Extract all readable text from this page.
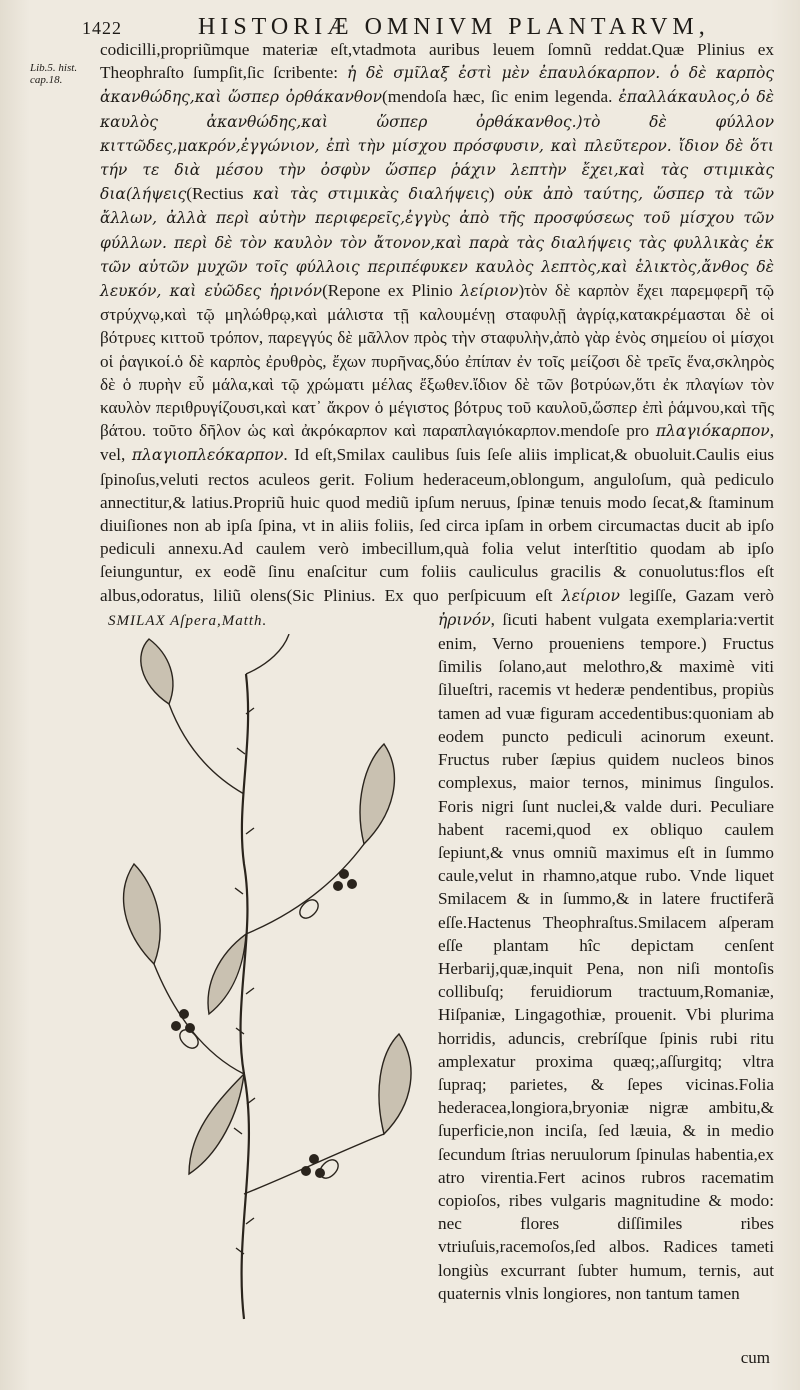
1422	HISTORIÆ OMNIVM PLANTARVM,
Lib.5. hist.
cap.18.

codicilli,propriũmque materiæ eſt,vtadmota auribus leuem ſomnũ reddat.Quæ Plinius ex Theophraſto ſumpſit,ſic ſcribente: ἡ δὲ σμῖλαξ ἐστὶ μὲν ἐπαυλόκαρπον. ὁ δὲ καρπὸς ἀκανθώδης,καὶ ὥσπερ ὀρθάκανθον(mendoſa hæc, ſic enim legenda. ἐπαλλάκαυλος,ὁ δὲ καυλὸς ἀκανθώδης,καὶ ὥσπερ ὀρθάκανθος.)τὸ δὲ φύλλον κιττῶδες,μακρόν,ἐγγώνιον, ἐπὶ τὴν μίσχου πρόσφυσιν, καὶ πλεῦτερον. ἴδιον δὲ ὅτι τήν τε διὰ μέσου τὴν ὀσφὺν ὥσπερ ῥάχιν λεπτὴν ἔχει,καὶ τὰς στιμικὰς δια(λήψεις(Rectius καὶ τὰς στιμικὰς διαλήψεις) οὐκ ἀπὸ ταύτης, ὥσπερ τὰ τῶν ἄλλων, ἀλλὰ περὶ αὐτὴν περιφερεῖς,ἐγγὺς ἀπὸ τῆς προσφύσεως τοῦ μίσχου τῶν φύλλων. περὶ δὲ τὸν καυλὸν τὸν ἄτονον,καὶ παρὰ τὰς διαλήψεις τὰς φυλλικὰς ἐκ τῶν αὐτῶν μυχῶν τοῖς φύλλοις περιπέφυκεν καυλὸς λεπτὸς,καὶ ἑλικτὸς,ἄνθος δὲ λευκόν, καὶ εὐῶδες ἠρινόν(Repone ex Plinio λείριον)τὸν δὲ καρπὸν ἔχει παρεμφερῆ τῷ στρύχνῳ,καὶ τῷ μηλώθρῳ,καὶ μάλιστα τῇ καλουμένῃ σταφυλῇ ἀγρίᾳ,κατακρέμασται δὲ οἱ βότρυες κιττοῦ τρόπον, παρεγγύς δὲ μᾶλλον πρὸς τὴν σταφυλὴν,ἀπὸ γὰρ ἑνὸς σημείου οἱ μίσχοι οἱ ῥαγικοί.ὁ δὲ καρπὸς ἐρυθρὸς, ἔχων πυρῆνας,δύο ἐπίπαν ἐν τοῖς μείζοσι δὲ τρεῖς ἕνα,σκληρὸς δὲ ὁ πυρὴν εὖ μάλα,καὶ τῷ χρώματι μέλας ἔξωθεν.ἴδιον δὲ τῶν βοτρύων,ὅτι ἐκ πλαγίων τὸν καυλὸν περιθρυγίζουσι,καὶ κατ᾽ ἄκρον ὁ μέγιστος βότρυς τοῦ καυλοῦ,ὥσπερ ἐπὶ ῥάμνου,καὶ τῆς βάτου. τοῦτο δῆλον ὡς καὶ ἀκρόκαρπον καὶ παραπλαγιόκαρπον.mendoſe pro πλαγιόκαρπον, vel, πλαγιοπλεόκαρπον. Id eſt,Smilax caulibus ſuis ſeſe aliis implicat,& obuoluit.Caulis eius ſpinoſus,veluti rectos aculeos gerit. Folium hederaceum,oblongum, anguloſum, quà pediculo annectitur,& latius.Propriũ huic quod mediũ ipſum neruus, ſpinæ tenuis modo ſecat,& ſtaminum diuiſiones non ab ipſa ſpina, vt in aliis foliis, ſed circa ipſam in orbem circumactas ducit ab ipſo pediculi annexu.Ad caulem verò imbecillum,quà folia velut interſtitio quodam ab ipſo ſeiunguntur, ex eodẽ ſinu enaſcitur cum foliis cauliculus gracilis & conuolutus:flos eſt albus,odoratus, liliũ olens(Sic Plinius. Ex quo perſpicuum eſt λείριον legiſſe, Gazam verò ἠρινόν
SMILAX Aſpera,Matth.	, ſicuti habent vulgata exemplaria:vertit enim, Verno proueniens tempore.) Fructus ſimilis ſolano,aut melothro,& maximè viti ſilueſtri, racemis vt hederæ pendentibus, propiùs tamen ad vuæ figuram accedentibus:quoniam ab eodem puncto pediculi acinorum exeunt. Fructus ruber ſæpius quidem nucleos binos complexus, maior ternos, minimus ſingulos. Foris nigri ſunt nuclei,& valde duri. Peculiare habent racemi,quod ex obliquo caulem ſepiunt,& vnus omniũ maximus eſt in ſummo caule,velut in rhamno,atque rubo. Vnde liquet Smilacem & in ſummo,& in latere fructiferã eſſe.Hactenus Theophraſtus.Smilacem aſperam eſſe plantam hîc depictam cenſent Herbarij,quæ,inquit Pena, non niſi montoſis collibuſq; feruidiorum tractuum,Romaniæ, Hiſpaniæ, Lingagothiæ, prouenit. Vbi plurima horridis, aduncis, crebríſque ſpinis rubi ritu amplexatur proxima quæq;,aſſurgitq; vltra ſupraq; parietes, & ſepes vicinas.Folia hederacea,longiora,bryoniæ nigræ ambitu,& ſuperficie,non inciſa, ſed læuia, & in medio ſecundum ſtrias neruulorum ſpinulas habentia,ex atro virentia.Fert acinos rubros racematim copioſos, ribes vulgaris magnitudine & modo: nec flores diſſimiles ribes vtriuſuis,racemoſos,ſed albos. Radices tameti longiùs excurrant ſubter humum, ternis, aut quaternis vlnis longiores, non tantum tamen

cum
